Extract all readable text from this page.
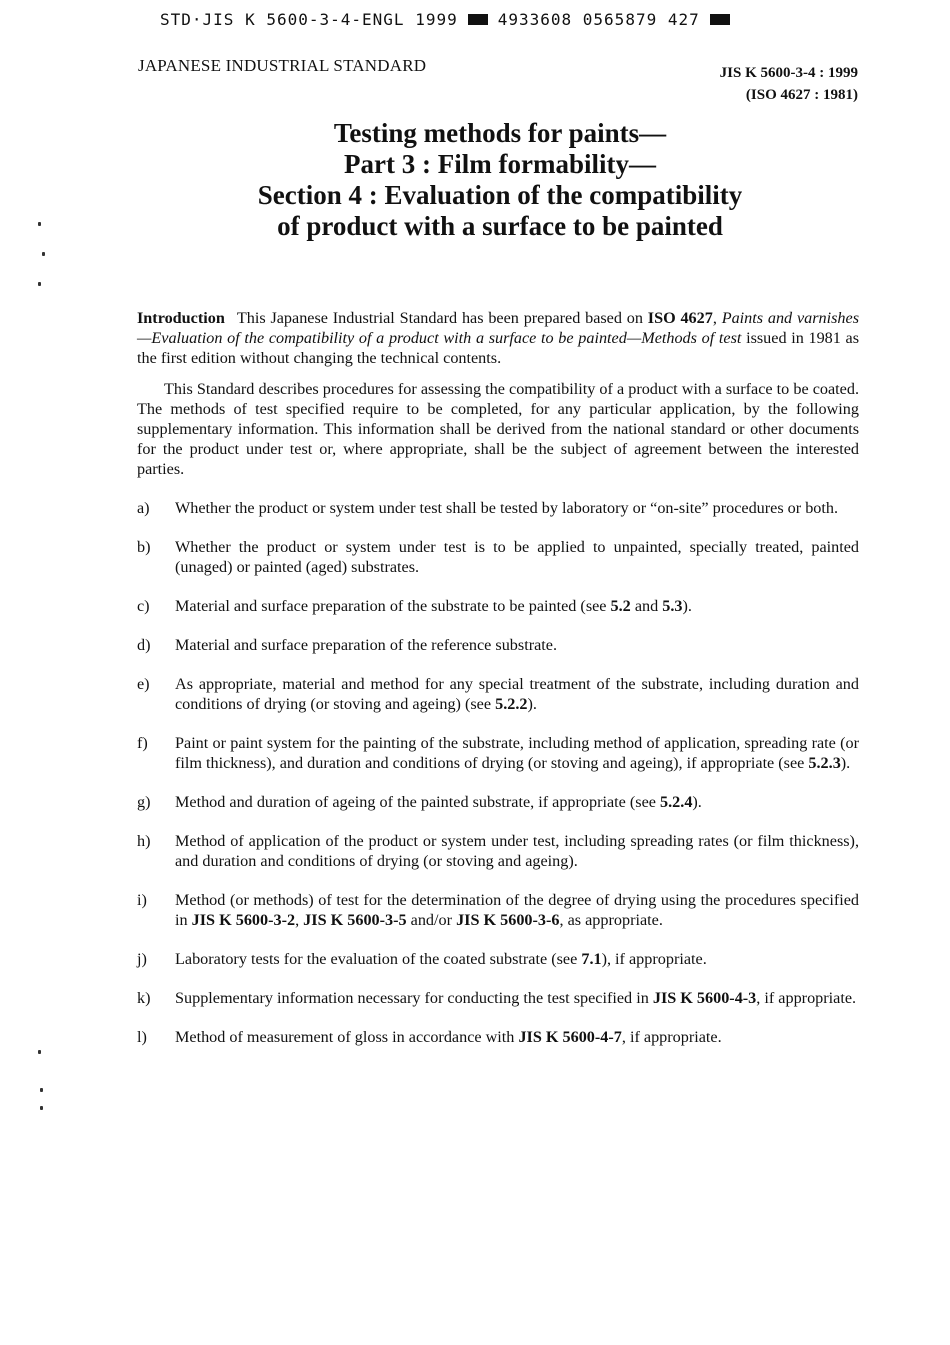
STD·JIS K 5600-3-4-ENGL 1999	4933608 0565879 427
JAPANESE INDUSTRIAL STANDARD	JIS K 5600-3-4 : 1999
(ISO 4627 : 1981)
Testing methods for paints—
Part 3 : Film formability—
Section 4 : Evaluation of the compatibility
of product with a surface to be painted

Introduction This Japanese Industrial Standard has been prepared based on ISO 4627, Paints and varnishes—Evaluation of the compatibility of a product with a surface to be painted—Methods of test issued in 1981 as the first edition without changing the technical contents.

This Standard describes procedures for assessing the compatibility of a product with a surface to be coated. The methods of test specified require to be completed, for any particular application, by the following supplementary information. This information shall be derived from the national standard or other documents for the product under test or, where appropriate, shall be the subject of agreement between the interested parties.

a)	Whether the product or system under test shall be tested by laboratory or “on-site” procedures or both.
b)	Whether the product or system under test is to be applied to unpainted, specially treated, painted (unaged) or painted (aged) substrates.
c)	Material and surface preparation of the substrate to be painted (see 5.2 and 5.3).
d)	Material and surface preparation of the reference substrate.
e)	As appropriate, material and method for any special treatment of the substrate, including duration and conditions of drying (or stoving and ageing) (see 5.2.2).
f)	Paint or paint system for the painting of the substrate, including method of application, spreading rate (or film thickness), and duration and conditions of drying (or stoving and ageing), if appropriate (see 5.2.3).
g)	Method and duration of ageing of the painted substrate, if appropriate (see 5.2.4).
h)	Method of application of the product or system under test, including spreading rates (or film thickness), and duration and conditions of drying (or stoving and ageing).
i)	Method (or methods) of test for the determination of the degree of drying using the procedures specified in JIS K 5600-3-2, JIS K 5600-3-5 and/or JIS K 5600-3-6, as appropriate.
j)	Laboratory tests for the evaluation of the coated substrate (see 7.1), if appropriate.
k)	Supplementary information necessary for conducting the test specified in JIS K 5600-4-3, if appropriate.
l)	Method of measurement of gloss in accordance with JIS K 5600-4-7, if appropriate.
